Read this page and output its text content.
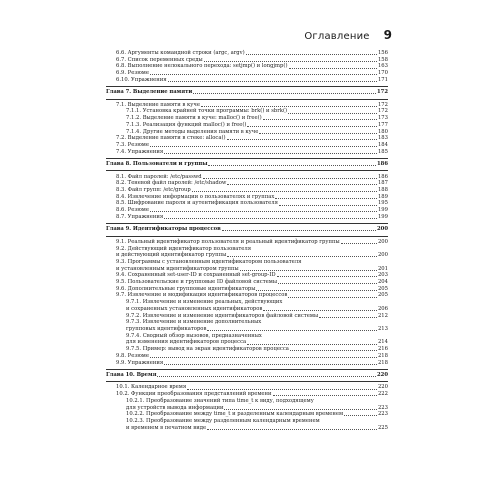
Оглавление 9
6.6. Аргументы командной строки (argc, argv)	156
6.7. Список переменных среды	158
6.8. Выполнение нелокального перехода: setjmp() и longjmp()	163
6.9. Резюме	170
6.10. Упражнения	171
Глава 7. Выделение памяти	172
7.1. Выделение памяти в куче	172
7.1.1. Установка крайней точки программы: brk() и sbrk()	172
7.1.2. Выделение памяти в куче: malloc() и free()	173
7.1.3. Реализация функций malloc() и free()	177
7.1.4. Другие методы выделения памяти в куче	180
7.2. Выделение памяти в стеке: alloca()	183
7.3. Резюме	184
7.4. Упражнения	185
Глава 8. Пользователи и группы	186
8.1. Файл паролей: /etc/passwd	186
8.2. Теневой файл паролей: /etc/shadow	187
8.3. Файл групп: /etc/group	188
8.4. Извлечение информации о пользователях и группах	189
8.5. Шифрование пароля и аутентификация пользователя	195
8.6. Резюме	199
8.7. Упражнения	199
Глава 9. Идентификаторы процессов	200
9.1. Реальный идентификатор пользователя и реальный идентификатор группы	200
9.2. Действующий идентификатор пользователя
и действующий идентификатор группы	200
9.3. Программы с установленным идентификатором пользователя
и установленным идентификатором группы	201
9.4. Сохраненный set-user-ID и сохраненный set-group-ID	203
9.5. Пользовательские и групповые ID файловой системы	204
9.6. Дополнительные групповые идентификаторы	205
9.7. Извлечение и модификация идентификаторов процессов	205
9.7.1. Извлечение и изменение реальных, действующих
и сохраненных установленных идентификаторов	206
9.7.2. Извлечение и изменение идентификаторов файловой системы	212
9.7.3. Извлечение и изменение дополнительных
групповых идентификаторов	213
9.7.4. Сводный обзор вызовов, предназначенных
для изменения идентификаторов процесса	214
9.7.5. Пример: вывод на экран идентификаторов процесса	216
9.8. Резюме	218
9.9. Упражнения	218
Глава 10. Время	220
10.1. Календарное время	220
10.2. Функции преобразования представлений времени	222
10.2.1. Преобразование значений типа time_t к виду, подходящему
для устройств вывода информации	223
10.2.2. Преобразование между time_t и разделенным календарным временем	223
10.2.3. Преобразование между разделенным календарным временем
и временем в печатном виде	225
